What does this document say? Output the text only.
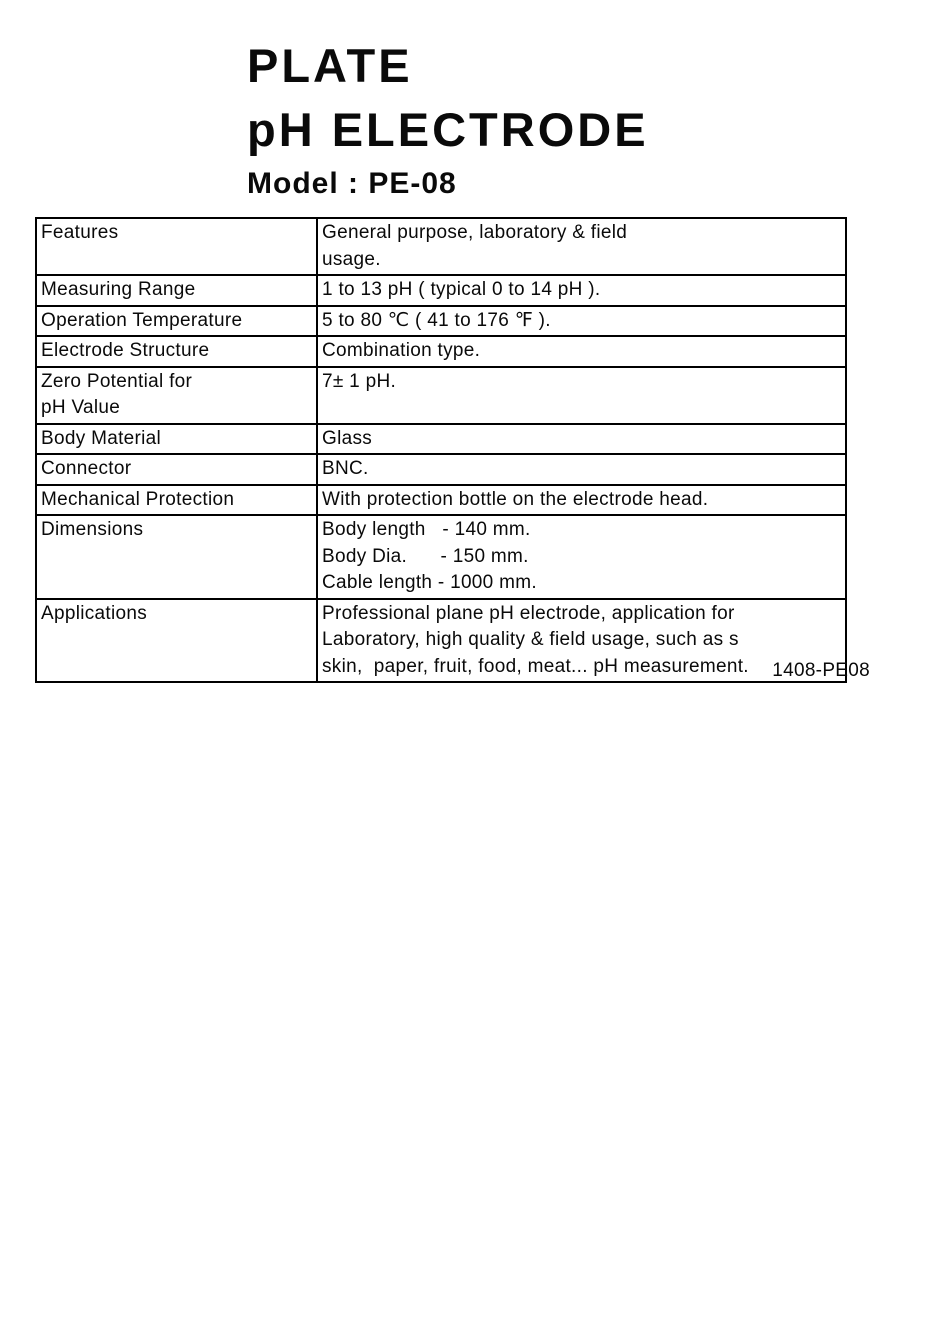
PLATE
pH ELECTRODE
Model : PE-08
Features	General purpose, laboratory & field
usage.

Measuring Range	1 to 13 pH ( typical 0 to 14 pH ).

Operation Temperature	5 to 80 ℃ ( 41 to 176 ℉ ).

Electrode Structure	Combination type.

Zero Potential for
pH Value	7± 1 pH.

Body Material	Glass

Connector	BNC.

Mechanical Protection	With protection bottle on the electrode head.

Dimensions	Body length   - 140 mm.
Body Dia.      - 150 mm.
Cable length - 1000 mm.

Applications	Professional plane pH electrode, application for
Laboratory, high quality & field usage, such as s
skin,  paper, fruit, food, meat... pH measurement.	1408-PE08
